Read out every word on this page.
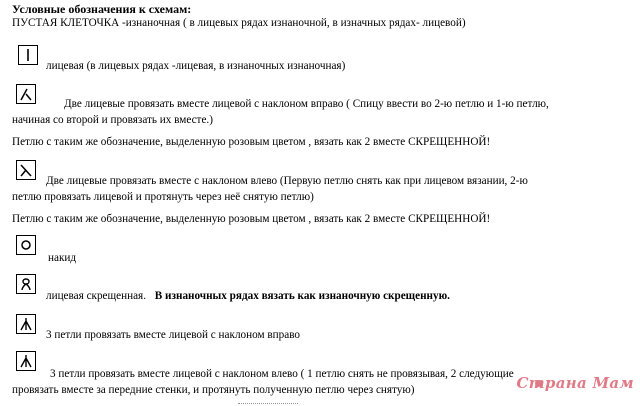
Условные обозначения к схемам:
ПУСТАЯ КЛЕТОЧКА -изнаночная ( в лицевых рядах изнаночной, в изначных рядах- лицевой)
лицевая (в лицевых рядах -лицевая, в изнаночных изнаночная)
Две лицевые провязать вместе лицевой с наклоном вправо ( Спицу ввести во 2-ю петлю и 1-ю петлю,
начиная со второй и провязать их вместе.)
Петлю с таким же обозначение, выделенную розовым цветом , вязать как 2 вместе СКРЕЩЕННОЙ!
Две лицевые провязать вместе с наклоном влево (Первую петлю снять как при лицевом вязании, 2-ю
петлю провязать лицевой и протянуть через неё снятую петлю)
Петлю с таким же обозначение, выделенную розовым цветом , вязать как 2 вместе СКРЕЩЕННОЙ!
накид
лицевая скрещенная. В изнаночных рядах вязать как изнаночную скрещенную.
3 петли провязать вместе лицевой с наклоном вправо
3 петли провязать вместе лицевой с наклоном влево ( 1 петлю снять не провязывая, 2 следующие
провязать вместе за передние стенки, и протянуть полученную петлю через снятую)	Страна Мам
